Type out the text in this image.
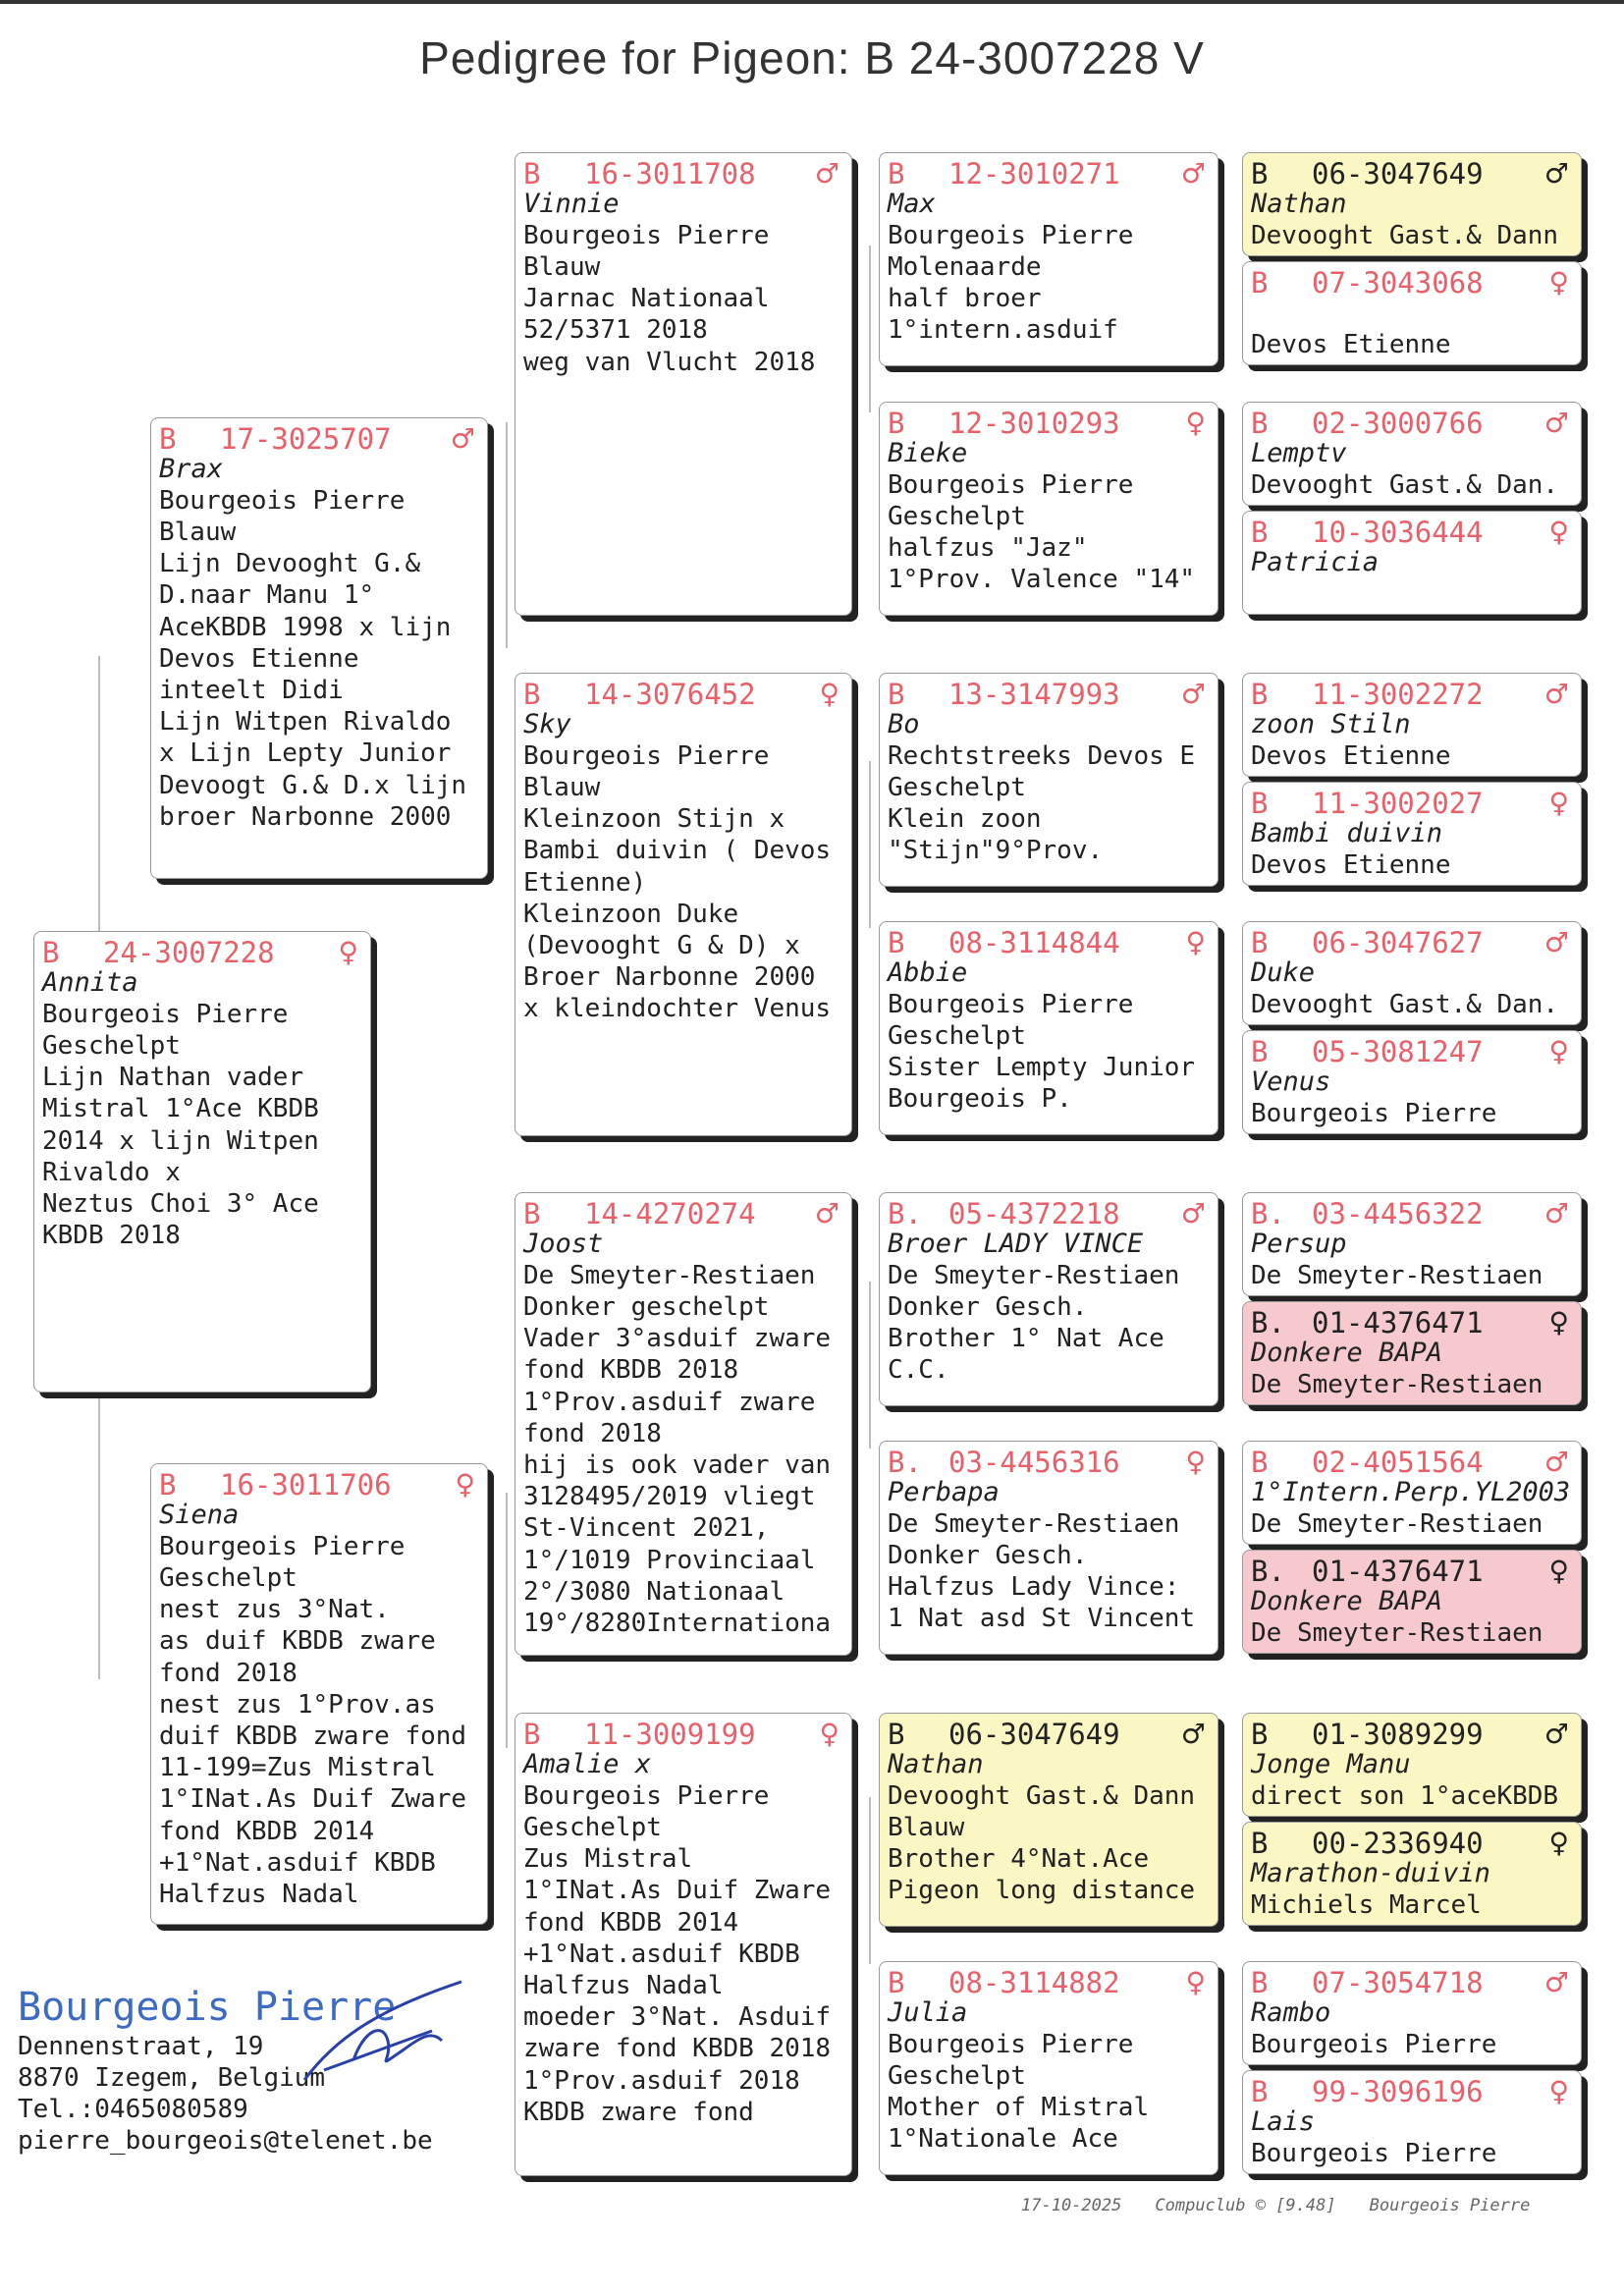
Pedigree for Pigeon: B 24-3007228 V
B 24-3007228 ♀
Annita
Bourgeois Pierre
Geschelpt
Lijn Nathan vader
Mistral 1°Ace KBDB
2014 x lijn Witpen
Rivaldo x
Neztus Choi 3° Ace
KBDB 2018
B 17-3025707 ♂
Brax
Bourgeois Pierre
Blauw
Lijn Devooght G.&
D.naar Manu 1°
AceKBDB 1998 x lijn
Devos Etienne
inteelt Didi
Lijn Witpen Rivaldo
x Lijn Lepty Junior
Devoogt G.& D.x lijn
broer Narbonne 2000
B 16-3011706 ♀
Siena
Bourgeois Pierre
Geschelpt
nest zus 3°Nat.
as duif KBDB zware
fond 2018
nest zus 1°Prov.as
duif KBDB zware fond
11-199=Zus Mistral
1°INat.As Duif Zware
fond KBDB 2014
+1°Nat.asduif KBDB
Halfzus Nadal
B 16-3011708 ♂
Vinnie
Bourgeois Pierre
Blauw
Jarnac Nationaal
52/5371 2018
weg van Vlucht 2018
B 14-3076452 ♀
Sky
Bourgeois Pierre
Blauw
Kleinzoon Stijn x
Bambi duivin ( Devos
Etienne)
Kleinzoon Duke
(Devooght G & D) x
Broer Narbonne 2000
x kleindochter Venus
B 14-4270274 ♂
Joost
De Smeyter-Restiaen
Donker geschelpt
Vader 3°asduif zware
fond KBDB 2018
1°Prov.asduif zware
fond 2018
hij is ook vader van
3128495/2019 vliegt
St-Vincent 2021,
1°/1019 Provinciaal
2°/3080 Nationaal
19°/8280Internationa
B 11-3009199 ♀
Amalie x
Bourgeois Pierre
Geschelpt
Zus Mistral
1°INat.As Duif Zware
fond KBDB 2014
+1°Nat.asduif KBDB
Halfzus Nadal
moeder 3°Nat. Asduif
zware fond KBDB 2018
1°Prov.asduif 2018
KBDB zware fond
B 12-3010271 ♂
Max
Bourgeois Pierre
Molenaarde
half broer
1°intern.asduif
B 12-3010293 ♀
Bieke
Bourgeois Pierre
Geschelpt
halfzus "Jaz"
1°Prov. Valence "14"
B 13-3147993 ♂
Bo
Rechtstreeks Devos E
Geschelpt
Klein zoon
"Stijn"9°Prov.
B 08-3114844 ♀
Abbie
Bourgeois Pierre
Geschelpt
Sister Lempty Junior
Bourgeois P.
B. 05-4372218 ♂
Broer LADY VINCE
De Smeyter-Restiaen
Donker Gesch.
Brother 1° Nat Ace
C.C.
B. 03-4456316 ♀
Perbapa
De Smeyter-Restiaen
Donker Gesch.
Halfzus Lady Vince:
1 Nat asd St Vincent
B 06-3047649 ♂
Nathan
Devooght Gast.& Dann
Blauw
Brother 4°Nat.Ace
Pigeon long distance
B 08-3114882 ♀
Julia
Bourgeois Pierre
Geschelpt
Mother of Mistral
1°Nationale Ace
B 06-3047649 ♂
Nathan
Devooght Gast.& Dann
B 07-3043068 ♀

Devos Etienne
B 02-3000766 ♂
Lemptv
Devooght Gast.& Dan.
B 10-3036444 ♀
Patricia
B 11-3002272 ♂
zoon Stiln
Devos Etienne
B 11-3002027 ♀
Bambi duivin
Devos Etienne
B 06-3047627 ♂
Duke
Devooght Gast.& Dan.
B 05-3081247 ♀
Venus
Bourgeois Pierre
B. 03-4456322 ♂
Persup
De Smeyter-Restiaen
B. 01-4376471 ♀
Donkere BAPA
De Smeyter-Restiaen
B 02-4051564 ♂
1°Intern.Perp.YL2003
De Smeyter-Restiaen
B. 01-4376471 ♀
Donkere BAPA
De Smeyter-Restiaen
B 01-3089299 ♂
Jonge Manu
direct son 1°aceKBDB
B 00-2336940 ♀
Marathon-duivin
Michiels Marcel
B 07-3054718 ♂
Rambo
Bourgeois Pierre
B 99-3096196 ♀
Lais
Bourgeois Pierre
Bourgeois Pierre
Dennenstraat, 19
8870 Izegem, Belgium
Tel.:0465080589
pierre_bourgeois@telenet.be
17-10-2025 Compuclub © [9.48] Bourgeois Pierre
